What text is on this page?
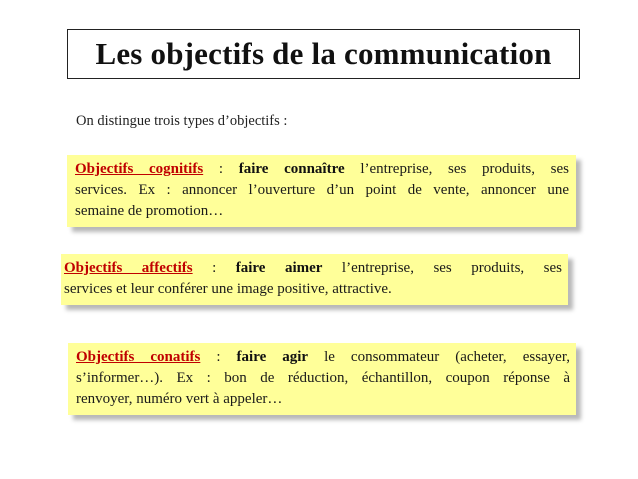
Les objectifs de la communication
On distingue trois types d’objectifs :
Objectifs cognitifs : faire connaître l’entreprise, ses produits, ses
services. Ex : annoncer l’ouverture d’un point de vente, annoncer une
semaine de promotion…
Objectifs affectifs : faire aimer l’entreprise, ses produits, ses
services et leur conférer une image positive, attractive.
Objectifs conatifs : faire agir le consommateur (acheter, essayer,
s’informer…). Ex : bon de réduction, échantillon, coupon réponse à
renvoyer, numéro vert à appeler…
